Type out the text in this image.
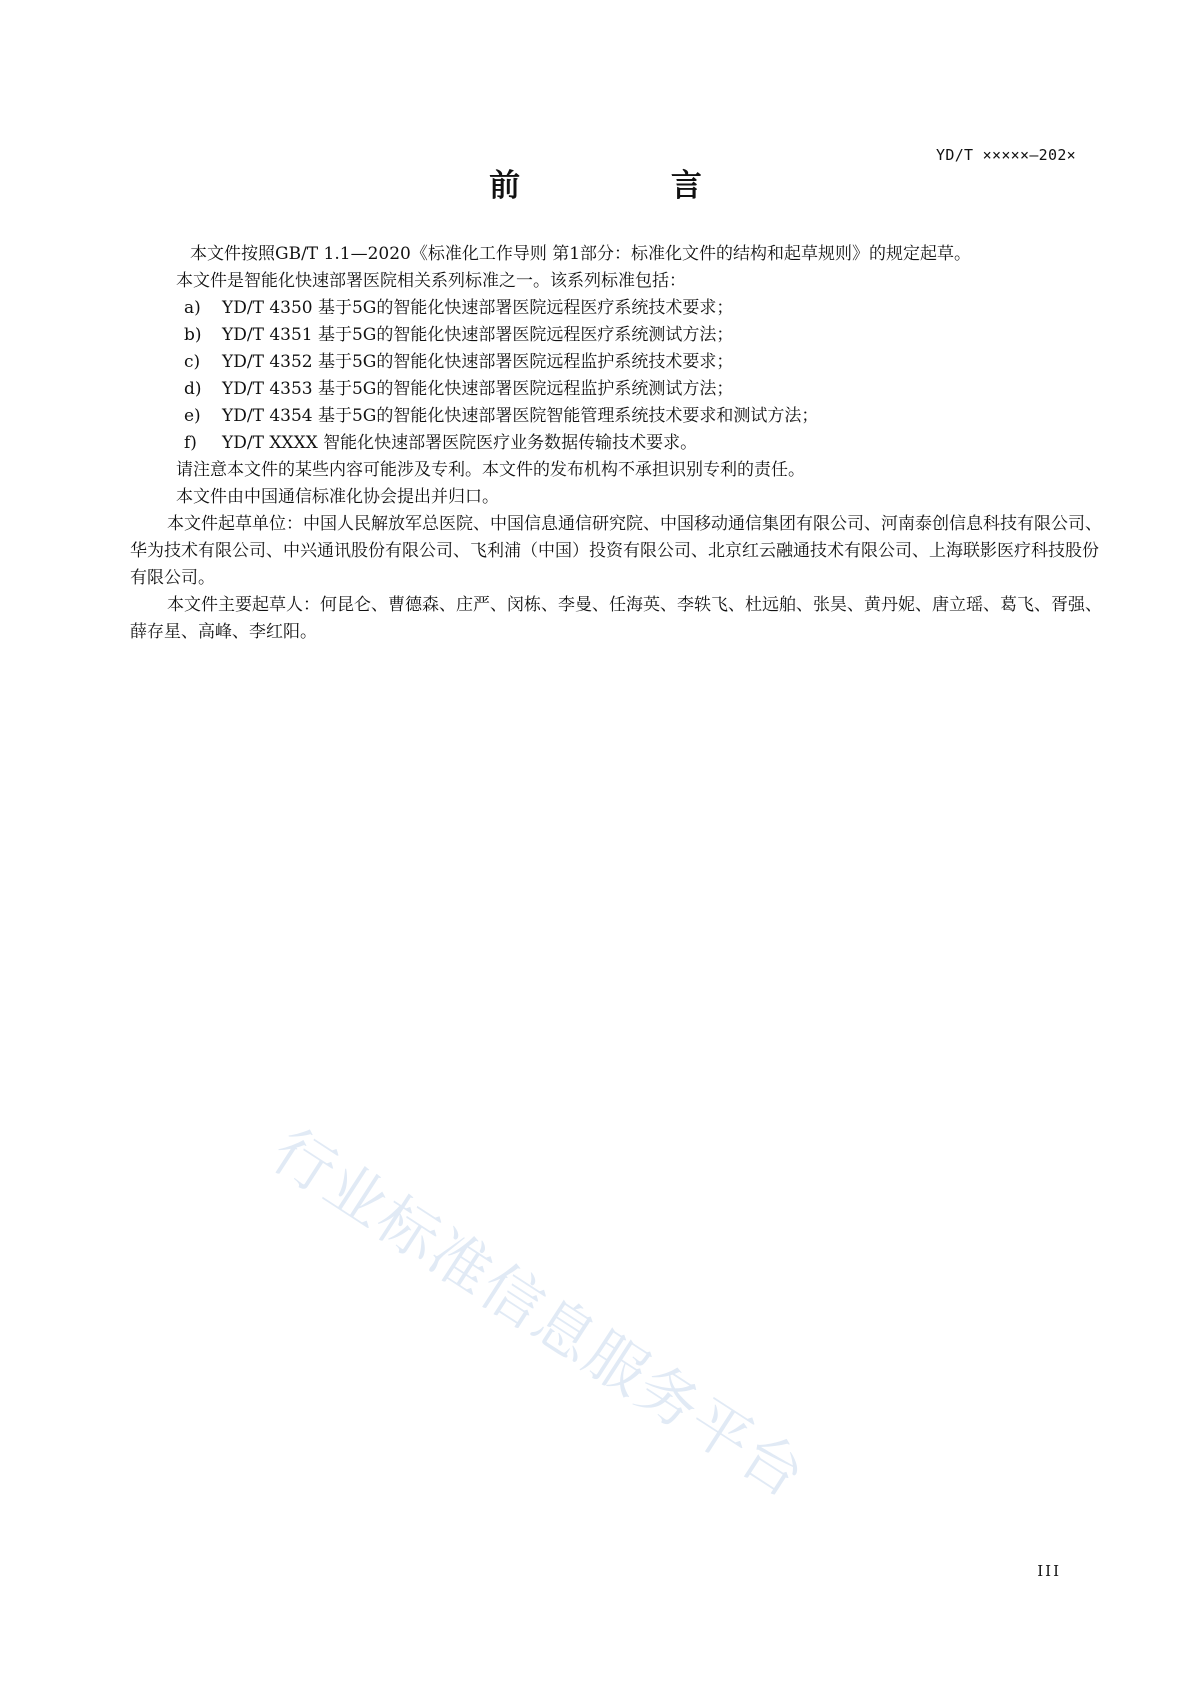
YD/T ×××××—202×
前 言

本文件按照GB/T 1.1—2020《标准化工作导则 第1部分：标准化文件的结构和起草规则》的规定起草。

本文件是智能化快速部署医院相关系列标准之一。该系列标准包括：

a) YD/T 4350 基于5G的智能化快速部署医院远程医疗系统技术要求；
b) YD/T 4351 基于5G的智能化快速部署医院远程医疗系统测试方法；
c) YD/T 4352 基于5G的智能化快速部署医院远程监护系统技术要求；
d) YD/T 4353 基于5G的智能化快速部署医院远程监护系统测试方法；
e) YD/T 4354 基于5G的智能化快速部署医院智能管理系统技术要求和测试方法；
f) YD/T XXXX 智能化快速部署医院医疗业务数据传输技术要求。

请注意本文件的某些内容可能涉及专利。本文件的发布机构不承担识别专利的责任。

本文件由中国通信标准化协会提出并归口。

本文件起草单位：中国人民解放军总医院、中国信息通信研究院、中国移动通信集团有限公司、河南泰创信息科技有限公司、华为技术有限公司、中兴通讯股份有限公司、飞利浦（中国）投资有限公司、北京红云融通技术有限公司、上海联影医疗科技股份有限公司。

本文件主要起草人：何昆仑、曹德森、庄严、闵栋、李曼、任海英、李轶飞、杜远舶、张昊、黄丹妮、唐立瑶、葛飞、胥强、薛存星、高峰、李红阳。

行业标准信息服务平台
III
